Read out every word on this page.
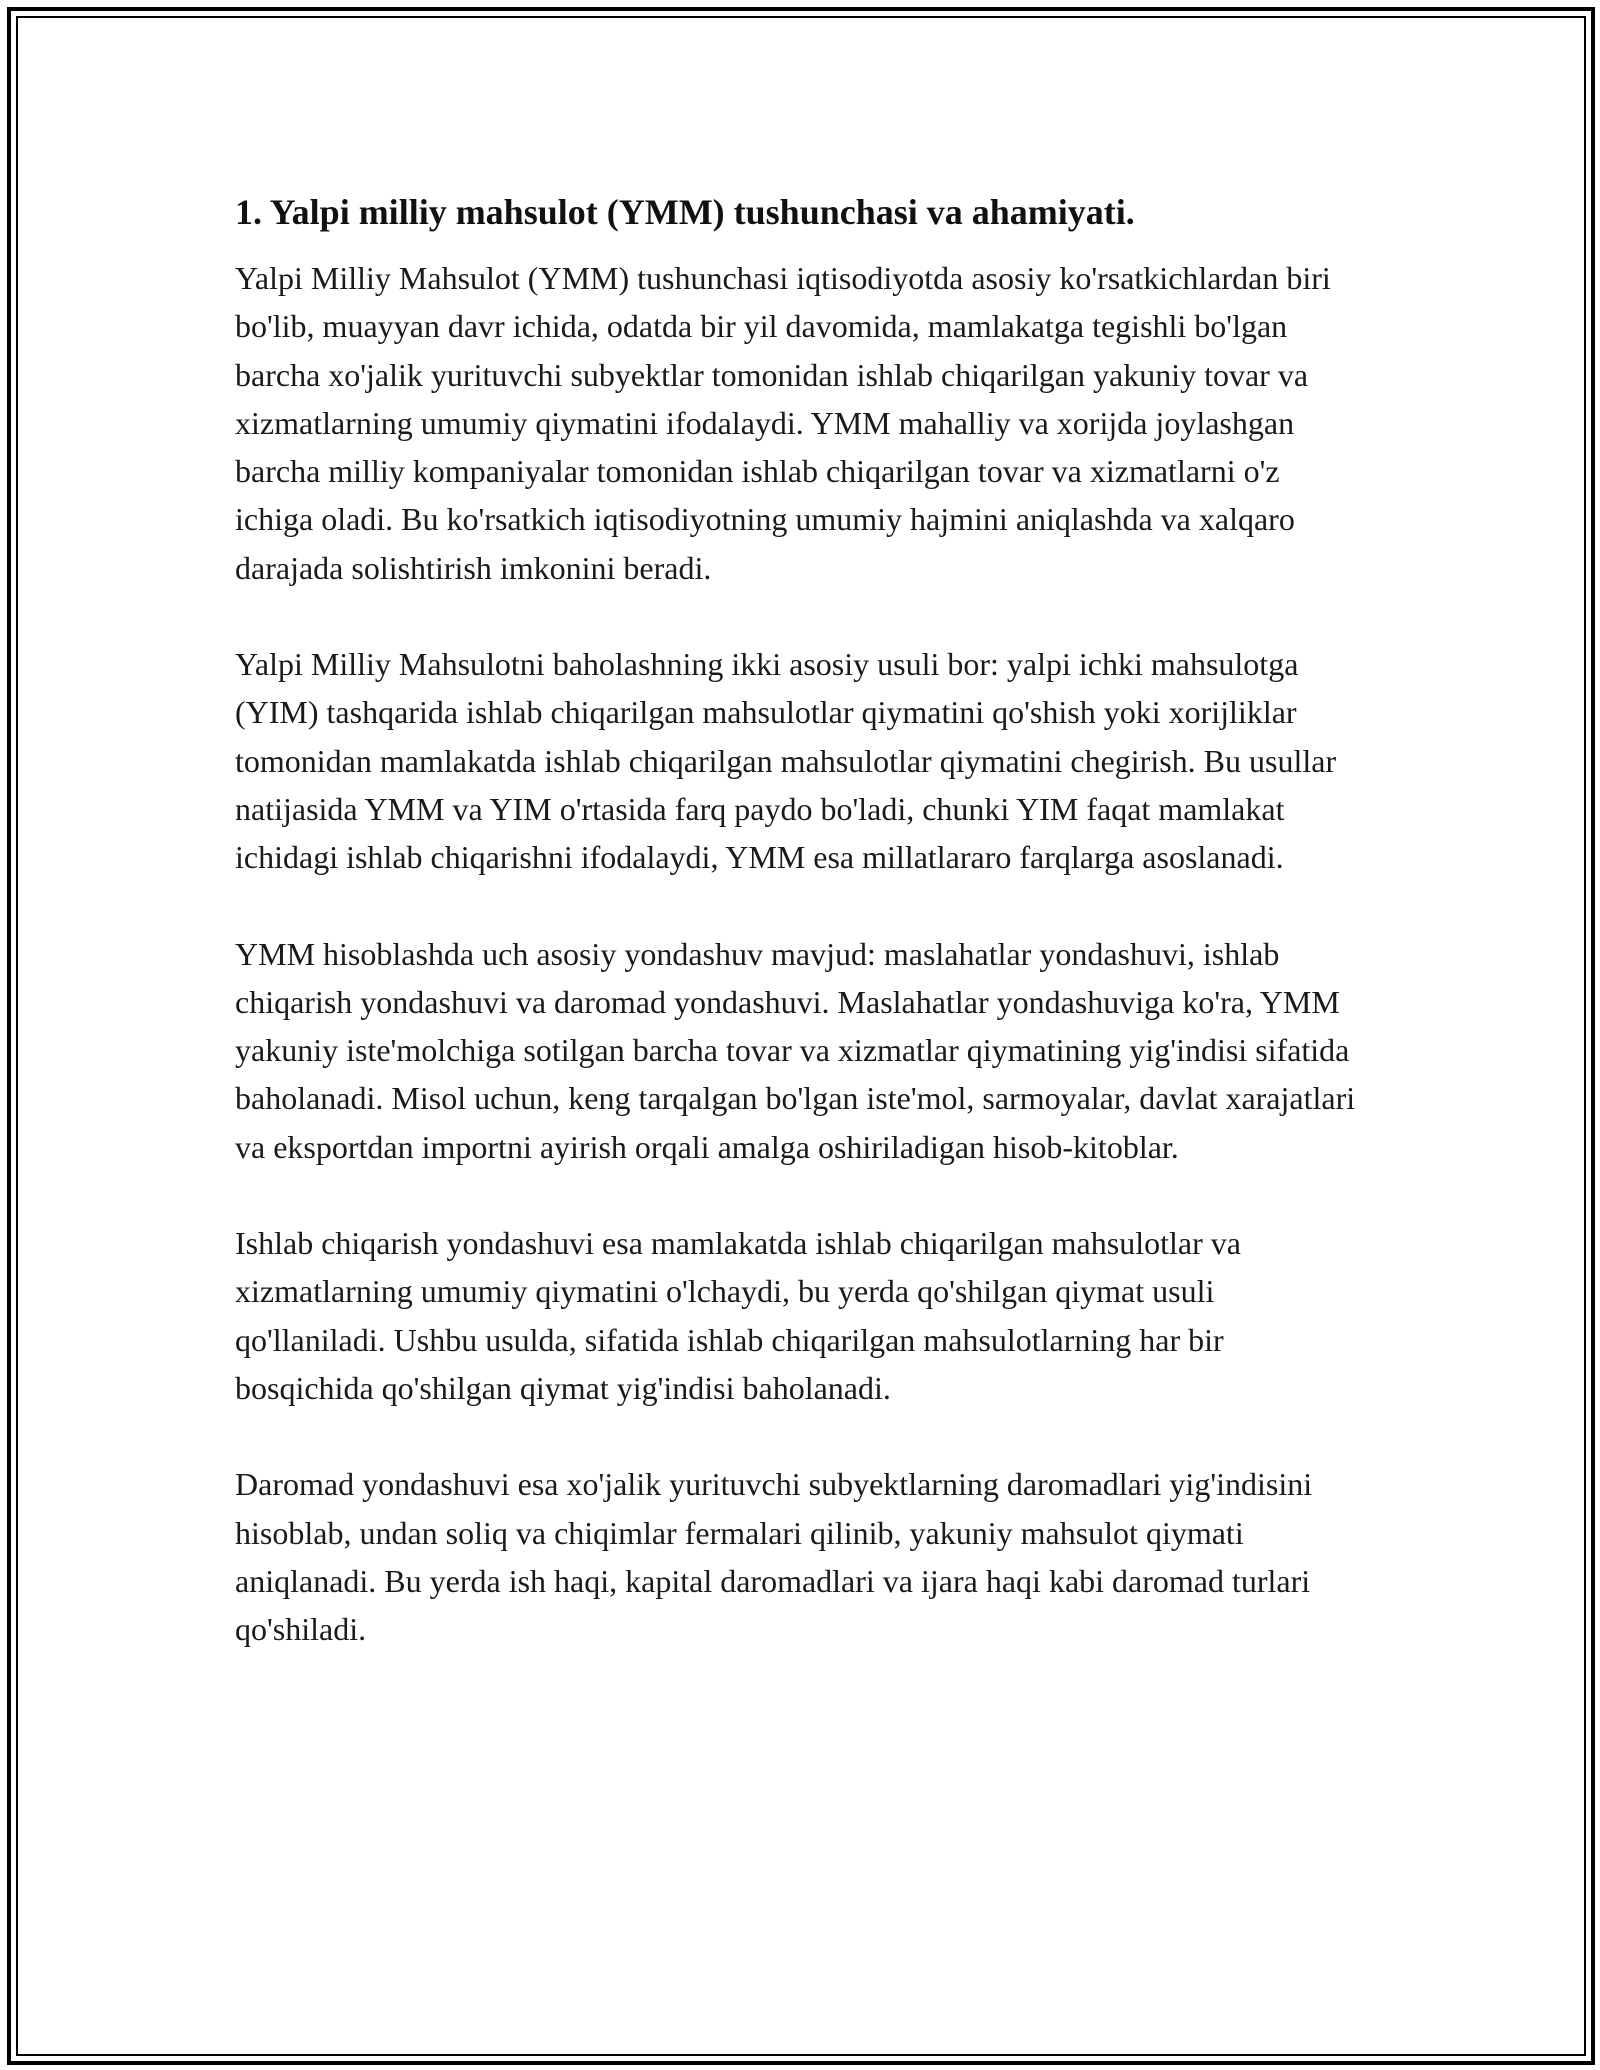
1. Yalpi milliy mahsulot (YMM) tushunchasi va ahamiyati.

Yalpi Milliy Mahsulot (YMM) tushunchasi iqtisodiyotda asosiy ko'rsatkichlardan biri bo'lib, muayyan davr ichida, odatda bir yil davomida, mamlakatga tegishli bo'lgan barcha xo'jalik yurituvchi subyektlar tomonidan ishlab chiqarilgan yakuniy tovar va xizmatlarning umumiy qiymatini ifodalaydi. YMM mahalliy va xorijda joylashgan barcha milliy kompaniyalar tomonidan ishlab chiqarilgan tovar va xizmatlarni o'z ichiga oladi. Bu ko'rsatkich iqtisodiyotning umumiy hajmini aniqlashda va xalqaro darajada solishtirish imkonini beradi.

Yalpi Milliy Mahsulotni baholashning ikki asosiy usuli bor: yalpi ichki mahsulotga (YIM) tashqarida ishlab chiqarilgan mahsulotlar qiymatini qo'shish yoki xorijliklar tomonidan mamlakatda ishlab chiqarilgan mahsulotlar qiymatini chegirish. Bu usullar natijasida YMM va YIM o'rtasida farq paydo bo'ladi, chunki YIM faqat mamlakat ichidagi ishlab chiqarishni ifodalaydi, YMM esa millatlararo farqlarga asoslanadi.

YMM hisoblashda uch asosiy yondashuv mavjud: maslahatlar yondashuvi, ishlab chiqarish yondashuvi va daromad yondashuvi. Maslahatlar yondashuviga ko'ra, YMM yakuniy iste'molchiga sotilgan barcha tovar va xizmatlar qiymatining yig'indisi sifatida baholanadi. Misol uchun, keng tarqalgan bo'lgan iste'mol, sarmoyalar, davlat xarajatlari va eksportdan importni ayirish orqali amalga oshiriladigan hisob-kitoblar.

Ishlab chiqarish yondashuvi esa mamlakatda ishlab chiqarilgan mahsulotlar va xizmatlarning umumiy qiymatini o'lchaydi, bu yerda qo'shilgan qiymat usuli qo'llaniladi. Ushbu usulda, sifatida ishlab chiqarilgan mahsulotlarning har bir bosqichida qo'shilgan qiymat yig'indisi baholanadi.

Daromad yondashuvi esa xo'jalik yurituvchi subyektlarning daromadlari yig'indisini hisoblab, undan soliq va chiqimlar fermalari qilinib, yakuniy mahsulot qiymati aniqlanadi. Bu yerda ish haqi, kapital daromadlari va ijara haqi kabi daromad turlari qo'shiladi.
